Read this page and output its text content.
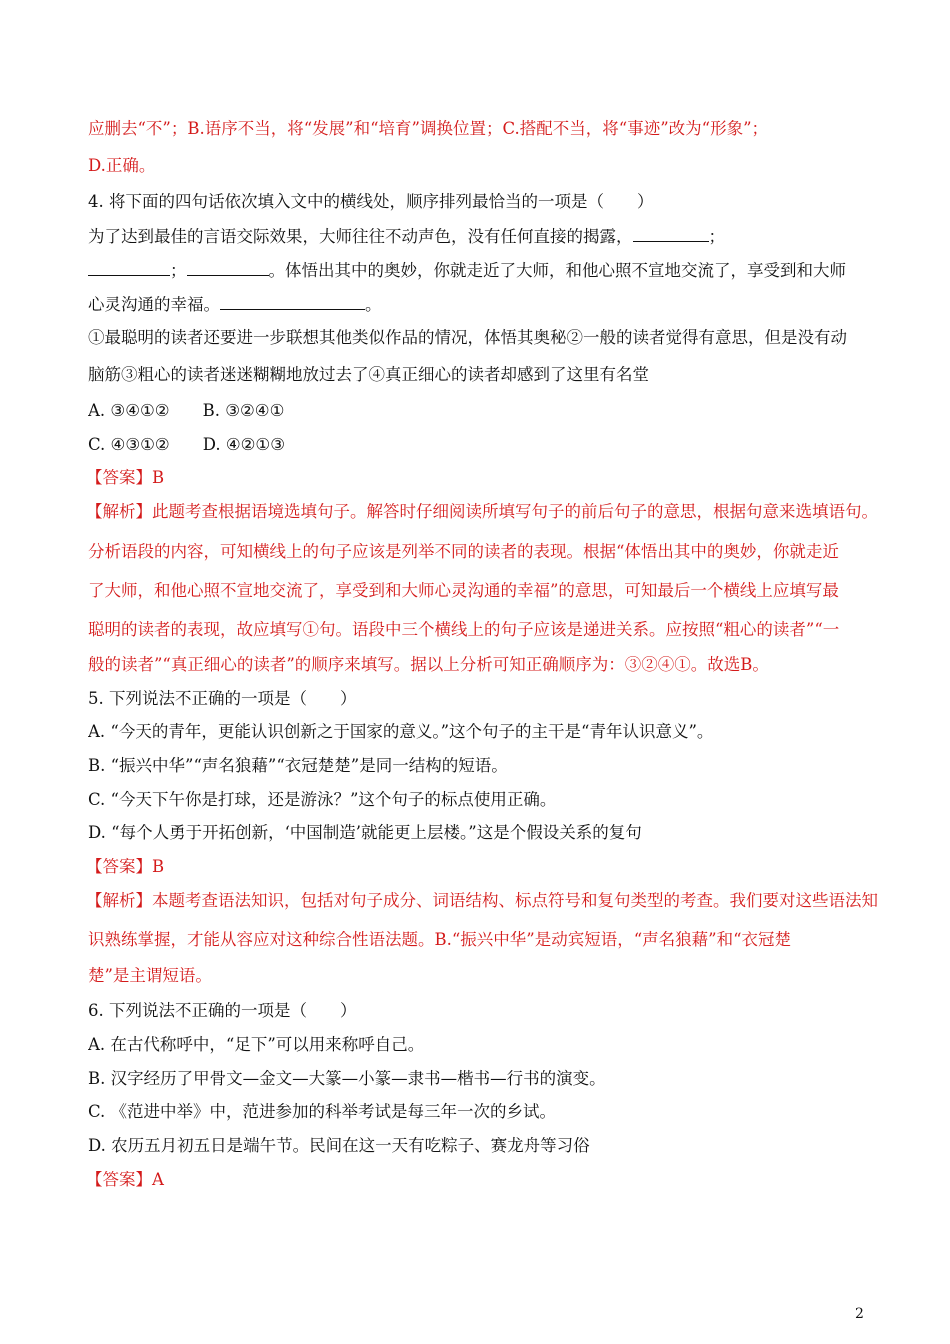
应删去“不”；B.语序不当，将“发展”和“培育”调换位置；C.搭配不当，将“事迹”改为“形象”；
D.正确。
4. 将下面的四句话依次填入文中的横线处，顺序排列最恰当的一项是（　　）
为了达到最佳的言语交际效果，大师往往不动声色，没有任何直接的揭露，	；
；	。体悟出其中的奥妙，你就走近了大师，和他心照不宣地交流了，享受到和大师
心灵沟通的幸福。	。
①最聪明的读者还要进一步联想其他类似作品的情况，体悟其奥秘②一般的读者觉得有意思，但是没有动
脑筋③粗心的读者迷迷糊糊地放过去了④真正细心的读者却感到了这里有名堂
A. ③④①②　　B. ③②④①
C. ④③①②　　D. ④②①③
【答案】B
【解析】此题考查根据语境选填句子。解答时仔细阅读所填写句子的前后句子的意思，根据句意来选填语句。
分析语段的内容，可知横线上的句子应该是列举不同的读者的表现。根据“体悟出其中的奥妙，你就走近
了大师，和他心照不宣地交流了，享受到和大师心灵沟通的幸福”的意思，可知最后一个横线上应填写最
聪明的读者的表现，故应填写①句。语段中三个横线上的句子应该是递进关系。应按照“粗心的读者”“一
般的读者”“真正细心的读者”的顺序来填写。据以上分析可知正确顺序为：③②④①。故选B。
5. 下列说法不正确的一项是（　　）
A. “今天的青年，更能认识创新之于国家的意义。”这个句子的主干是“青年认识意义”。
B. “振兴中华”“声名狼藉”“衣冠楚楚”是同一结构的短语。
C. “今天下午你是打球，还是游泳？”这个句子的标点使用正确。
D. “每个人勇于开拓创新，‘中国制造’就能更上层楼。”这是个假设关系的复句
【答案】B
【解析】本题考查语法知识，包括对句子成分、词语结构、标点符号和复句类型的考查。我们要对这些语法知
识熟练掌握，才能从容应对这种综合性语法题。B.“振兴中华”是动宾短语，“声名狼藉”和“衣冠楚
楚”是主谓短语。
6. 下列说法不正确的一项是（　　）
A. 在古代称呼中，“足下”可以用来称呼自己。
B. 汉字经历了甲骨文—金文—大篆—小篆—隶书—楷书—行书的演变。
C. 《范进中举》中，范进参加的科举考试是每三年一次的乡试。
D. 农历五月初五日是端午节。民间在这一天有吃粽子、赛龙舟等习俗
【答案】A
2
